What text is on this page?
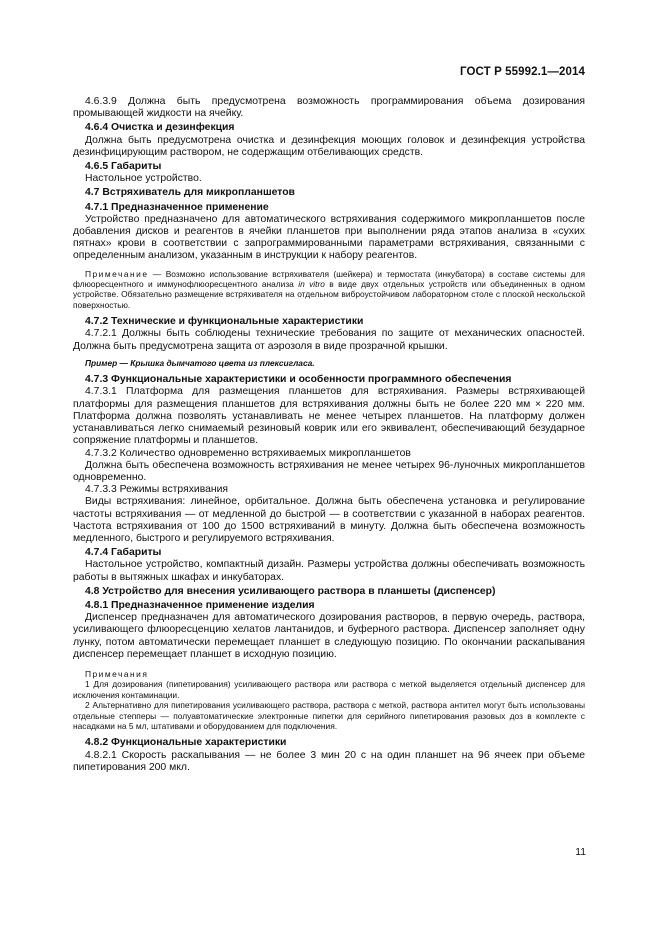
ГОСТ Р 55992.1—2014

4.6.3.9 Должна быть предусмотрена возможность программирования объема дозирования промывающей жидкости на ячейку.

4.6.4 Очистка и дезинфекция

Должна быть предусмотрена очистка и дезинфекция моющих головок и дезинфекция устройства дезинфицирующим раствором, не содержащим отбеливающих средств.

4.6.5 Габариты

Настольное устройство.

4.7 Встряхиватель для микропланшетов

4.7.1 Предназначенное применение

Устройство предназначено для автоматического встряхивания содержимого микропланшетов после добавления дисков и реагентов в ячейки планшетов при выполнении ряда этапов анализа в «сухих пятнах» крови в соответствии с запрограммированными параметрами встряхивания, связанными с определенным анализом, указанным в инструкции к набору реагентов.

Примечание — Возможно использование встряхивателя (шейкера) и термостата (инкубатора) в составе системы для флюоресцентного и иммунофлюоресцентного анализа in vitro в виде двух отдельных устройств или объединенных в одном устройстве. Обязательно размещение встряхивателя на отдельном виброустойчивом лабораторном столе с плоской нескольской поверхностью.

4.7.2 Технические и функциональные характеристики

4.7.2.1 Должны быть соблюдены технические требования по защите от механических опасностей. Должна быть предусмотрена защита от аэрозоля в виде прозрачной крышки.

Пример — Крышка дымчатого цвета из плексигласа.

4.7.3 Функциональные характеристики и особенности программного обеспечения

4.7.3.1 Платформа для размещения планшетов для встряхивания. Размеры встряхивающей платформы для размещения планшетов для встряхивания должны быть не более 220 мм × 220 мм. Платформа должна позволять устанавливать не менее четырех планшетов. На платформу должен устанавливаться легко снимаемый резиновый коврик или его эквивалент, обеспечивающий безударное сопряжение платформы и планшетов.

4.7.3.2 Количество одновременно встряхиваемых микропланшетов

Должна быть обеспечена возможность встряхивания не менее четырех 96-луночных микропланшетов одновременно.

4.7.3.3 Режимы встряхивания

Виды встряхивания: линейное, орбитальное. Должна быть обеспечена установка и регулирование частоты встряхивания — от медленной до быстрой — в соответствии с указанной в наборах реагентов. Частота встряхивания от 100 до 1500 встряхиваний в минуту. Должна быть обеспечена возможность медленного, быстрого и регулируемого встряхивания.

4.7.4 Габариты

Настольное устройство, компактный дизайн. Размеры устройства должны обеспечивать возможность работы в вытяжных шкафах и инкубаторах.

4.8 Устройство для внесения усиливающего раствора в планшеты (диспенсер)

4.8.1 Предназначенное применение изделия

Диспенсер предназначен для автоматического дозирования растворов, в первую очередь, раствора, усиливающего флюоресценцию хелатов лантанидов, и буферного раствора. Диспенсер заполняет одну лунку, потом автоматически перемещает планшет в следующую позицию. По окончании раскапывания диспенсер перемещает планшет в исходную позицию.

Примечания

1 Для дозирования (пипетирования) усиливающего раствора или раствора с меткой выделяется отдельный диспенсер для исключения контаминации.

2 Альтернативно для пипетирования усиливающего раствора, раствора с меткой, раствора антител могут быть использованы отдельные степперы — полуавтоматические электронные пипетки для серийного пипетирования разовых доз в комплекте с насадками на 5 мл, штативами и оборудованием для подключения.

4.8.2 Функциональные характеристики

4.8.2.1 Скорость раскапывания — не более 3 мин 20 с на один планшет на 96 ячеек при объеме пипетирования 200 мкл.

11
